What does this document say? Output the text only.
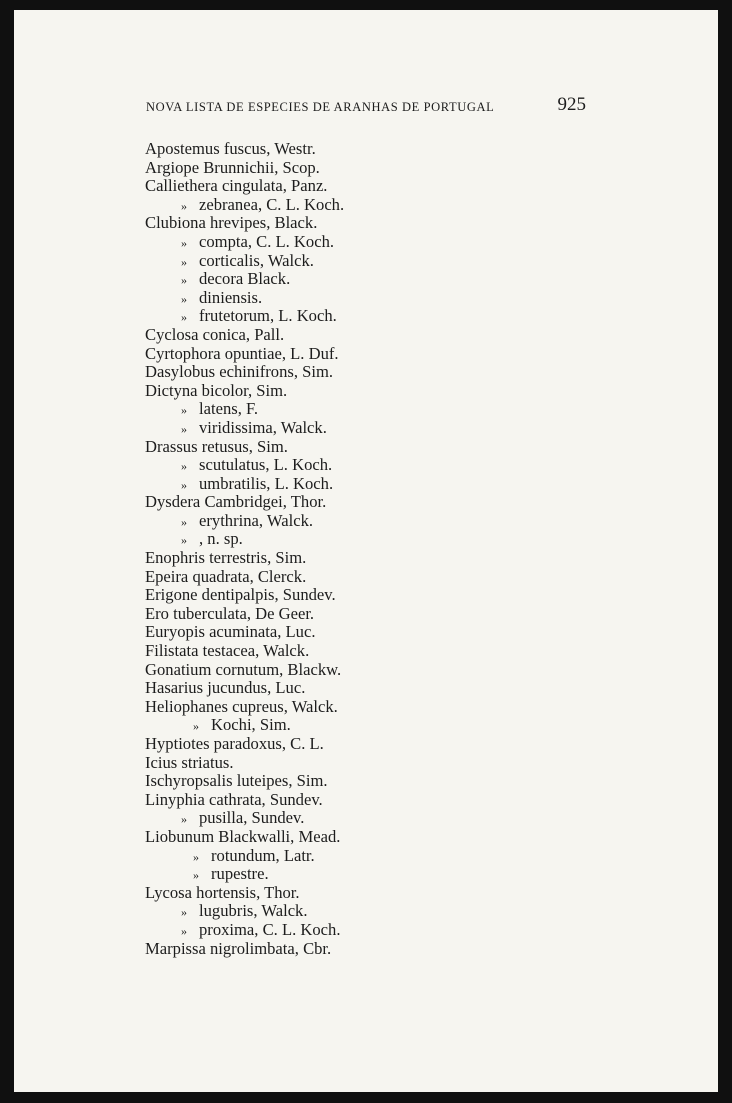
NOVA LISTA DE ESPECIES DE ARANHAS DE PORTUGAL	925
Apostemus fuscus, Westr.
Argiope Brunnichii, Scop.
Calliethera cingulata, Panz.
» zebranea, C. L. Koch.
Clubiona hrevipes, Black.
» compta, C. L. Koch.
» corticalis, Walck.
» decora Black.
» diniensis.
» frutetorum, L. Koch.
Cyclosa conica, Pall.
Cyrtophora opuntiae, L. Duf.
Dasylobus echinifrons, Sim.
Dictyna bicolor, Sim.
» latens, F.
» viridissima, Walck.
Drassus retusus, Sim.
» scutulatus, L. Koch.
» umbratilis, L. Koch.
Dysdera Cambridgei, Thor.
» erythrina, Walck.
» , n. sp.
Enophris terrestris, Sim.
Epeira quadrata, Clerck.
Erigone dentipalpis, Sundev.
Ero tuberculata, De Geer.
Euryopis acuminata, Luc.
Filistata testacea, Walck.
Gonatium cornutum, Blackw.
Hasarius jucundus, Luc.
Heliophanes cupreus, Walck.
» Kochi, Sim.
Hyptiotes paradoxus, C. L.
Icius striatus.
Ischyropsalis luteipes, Sim.
Linyphia cathrata, Sundev.
» pusilla, Sundev.
Liobunum Blackwalli, Mead.
» rotundum, Latr.
» rupestre.
Lycosa hortensis, Thor.
» lugubris, Walck.
» proxima, C. L. Koch.
Marpissa nigrolimbata, Cbr.
